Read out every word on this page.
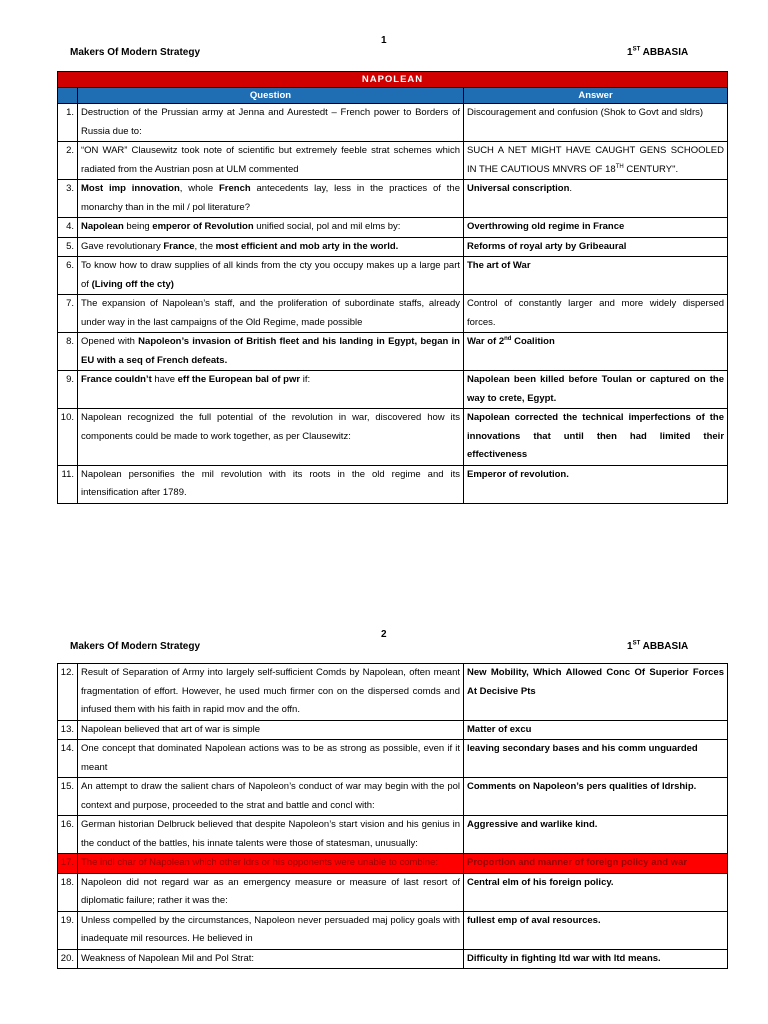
1
Makers Of Modern Strategy	1ST ABBASIA
NAPOLEAN		
	Question	Answer
1.	Destruction of the Prussian army at Jenna and Aurestedt – French power to Borders of Russia due to:	Discouragement and confusion (Shok to Govt and sldrs)
2.	“ON WAR” Clausewitz took note of scientific but extremely feeble strat schemes which radiated from the Austrian posn at ULM commented	SUCH A NET MIGHT HAVE CAUGHT GENS SCHOOLED IN THE CAUTIOUS MNVRS OF 18TH CENTURY".
3.	Most imp innovation, whole French antecedents lay, less in the practices of the monarchy than in the mil / pol literature?	Universal conscription.
4.	Napolean being emperor of Revolution unified social, pol and mil elms by:	Overthrowing old regime in France
5.	Gave revolutionary France, the most efficient and mob arty in the world.	Reforms of royal arty by Gribeaural
6.	To know how to draw supplies of all kinds from the cty you occupy makes up a large part of (Living off the cty)	The art of War
7.	The expansion of Napolean’s staff, and the proliferation of subordinate staffs, already under way in the last campaigns of the Old Regime, made possible	Control of constantly larger and more widely dispersed forces.
8.	Opened with Napoleon’s invasion of British fleet and his landing in Egypt, began in EU with a seq of French defeats.	War of 2nd Coalition
9.	France couldn’t have eff the European bal of pwr if:	Napolean been killed before Toulan or captured on the way to crete, Egypt.
10.	Napolean recognized the full potential of the revolution in war, discovered how its components could be made to work together, as per Clausewitz:	Napolean corrected the technical imperfections of the innovations that until then had limited their effectiveness
11.	Napolean personifies the mil revolution with its roots in the old regime and its intensification after 1789.	Emperor of revolution.
2
Makers Of Modern Strategy	1ST ABBASIA
12.	Result of Separation of Army into largely self-sufficient Comds by Napolean, often meant fragmentation of effort. However, he used much firmer con on the dispersed comds and infused them with his faith in rapid mov and the offn.	New Mobility, Which Allowed Conc Of Superior Forces At Decisive Pts
13.	Napolean believed that art of war is simple	Matter of excu
14.	One concept that dominated Napolean actions was to be as strong as possible, even if it meant	leaving secondary bases and his comm unguarded
15.	An attempt to draw the salient chars of Napoleon’s conduct of war may begin with the pol context and purpose, proceeded to the strat and battle and concl with:	Comments on Napoleon’s pers qualities of ldrship.
16.	German historian Delbruck believed that despite Napoleon’s start vision and his genius in the conduct of the battles, his innate talents were those of statesman, unusually:	Aggressive and warlike kind.
17.	The indl char of Napolean which other ldrs or his opponents were unable to combine:	Proportion and manner of foreign policy and war
18.	Napoleon did not regard war as an emergency measure or measure of last resort of diplomatic failure; rather it was the:	Central elm of his foreign policy.
19.	Unless compelled by the circumstances, Napoleon never persuaded maj policy goals with inadequate mil resources. He believed in	fullest emp of aval resources.
20.	Weakness of Napolean Mil and Pol Strat:	Difficulty in fighting ltd war with ltd means.
